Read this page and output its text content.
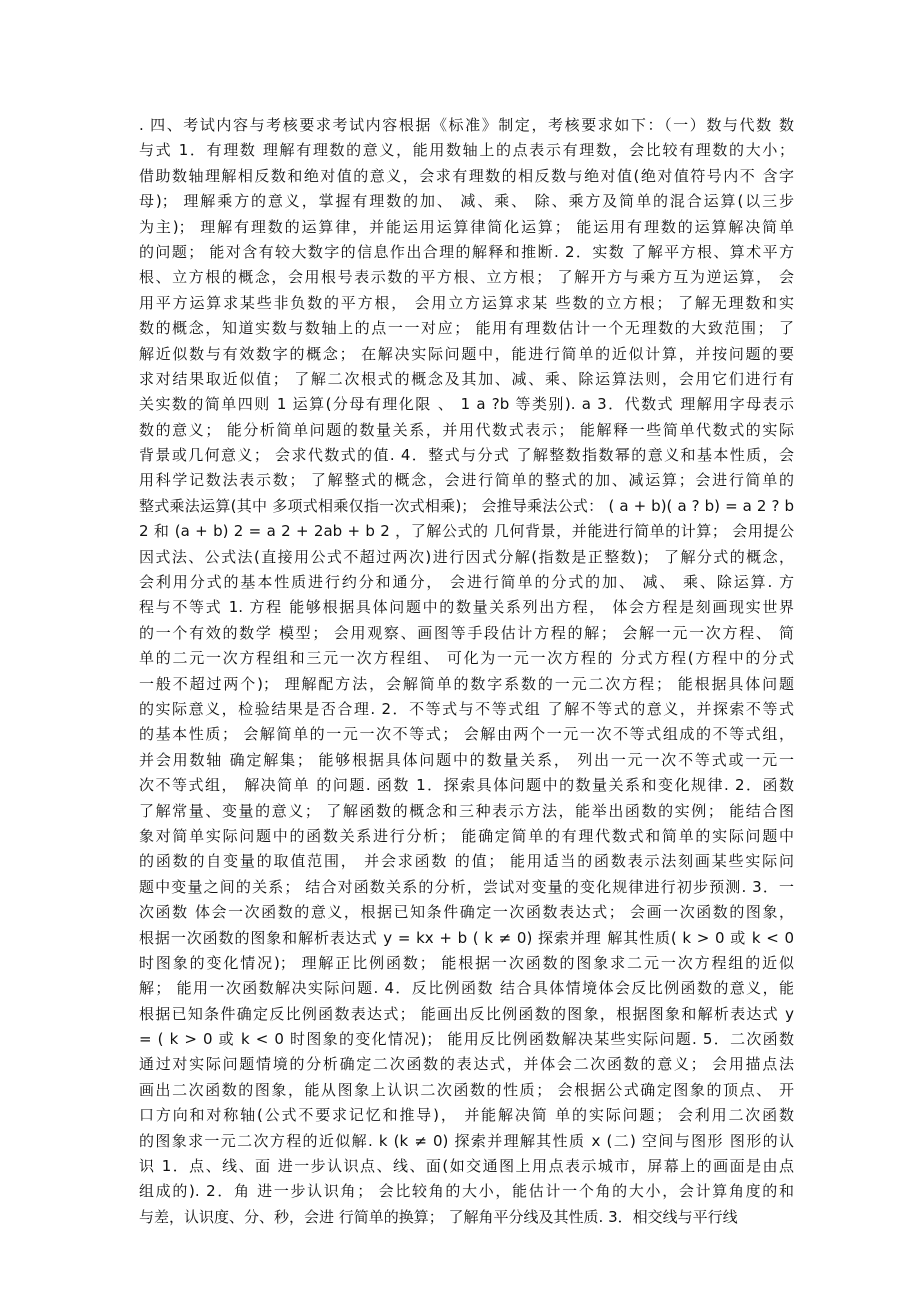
. 四、考试内容与考核要求考试内容根据《标准》制定，考核要求如下：（一）数与代数 数
与式 1．有理数 理解有理数的意义，能用数轴上的点表示有理数，会比较有理数的大小；
借助数轴理解相反数和绝对值的意义，会求有理数的相反数与绝对值(绝对值符号内不 含字
母)； 理解乘方的意义，掌握有理数的加、 减、乘、 除、乘方及简单的混合运算(以三步
为主)； 理解有理数的运算律，并能运用运算律简化运算； 能运用有理数的运算解决简单
的问题； 能对含有较大数字的信息作出合理的解释和推断. 2．实数 了解平方根、算术平方
根、立方根的概念，会用根号表示数的平方根、立方根； 了解开方与乘方互为逆运算， 会
用平方运算求某些非负数的平方根， 会用立方运算求某 些数的立方根； 了解无理数和实
数的概念，知道实数与数轴上的点一一对应； 能用有理数估计一个无理数的大致范围； 了
解近似数与有效数字的概念； 在解决实际问题中，能进行简单的近似计算，并按问题的要
求对结果取近似值； 了解二次根式的概念及其加、减、乘、除运算法则，会用它们进行有
关实数的简单四则 1 运算(分母有理化限 、 1 a ?b 等类别). a 3．代数式 理解用字母表示
数的意义； 能分析简单问题的数量关系，并用代数式表示； 能解释一些简单代数式的实际
背景或几何意义； 会求代数式的值. 4．整式与分式 了解整数指数幂的意义和基本性质，会
用科学记数法表示数； 了解整式的概念，会进行简单的整式的加、减运算；会进行简单的
整式乘法运算(其中 多项式相乘仅指一次式相乘)； 会推导乘法公式： ( a + b)( a ? b) = a 2 ? b
2 和 (a + b) 2 = a 2 + 2ab + b 2 ，了解公式的 几何背景，并能进行简单的计算； 会用提公
因式法、公式法(直接用公式不超过两次)进行因式分解(指数是正整数)； 了解分式的概念，
会利用分式的基本性质进行约分和通分， 会进行简单的分式的加、 减、 乘、除运算. 方
程与不等式 1. 方程 能够根据具体问题中的数量关系列出方程， 体会方程是刻画现实世界
的一个有效的数学 模型； 会用观察、画图等手段估计方程的解； 会解一元一次方程、 简
单的二元一次方程组和三元一次方程组、 可化为一元一次方程的 分式方程(方程中的分式
一般不超过两个)； 理解配方法，会解简单的数字系数的一元二次方程； 能根据具体问题
的实际意义，检验结果是否合理. 2．不等式与不等式组 了解不等式的意义，并探索不等式
的基本性质； 会解简单的一元一次不等式； 会解由两个一元一次不等式组成的不等式组，
并会用数轴 确定解集； 能够根据具体问题中的数量关系， 列出一元一次不等式或一元一
次不等式组， 解决简单 的问题. 函数 1．探索具体问题中的数量关系和变化规律. 2．函数
了解常量、变量的意义； 了解函数的概念和三种表示方法，能举出函数的实例； 能结合图
象对简单实际问题中的函数关系进行分析； 能确定简单的有理代数式和简单的实际问题中
的函数的自变量的取值范围， 并会求函数 的值； 能用适当的函数表示法刻画某些实际问
题中变量之间的关系； 结合对函数关系的分析，尝试对变量的变化规律进行初步预测. 3．一
次函数 体会一次函数的意义，根据已知条件确定一次函数表达式； 会画一次函数的图象，
根据一次函数的图象和解析表达式 y = kx + b ( k ≠ 0) 探索并理 解其性质( k > 0 或 k < 0
时图象的变化情况)； 理解正比例函数； 能根据一次函数的图象求二元一次方程组的近似
解； 能用一次函数解决实际问题. 4．反比例函数 结合具体情境体会反比例函数的意义，能
根据已知条件确定反比例函数表达式； 能画出反比例函数的图象，根据图象和解析表达式 y
= ( k > 0 或 k < 0 时图象的变化情况)； 能用反比例函数解决某些实际问题. 5．二次函数
通过对实际问题情境的分析确定二次函数的表达式，并体会二次函数的意义； 会用描点法
画出二次函数的图象，能从图象上认识二次函数的性质； 会根据公式确定图象的顶点、 开
口方向和对称轴(公式不要求记忆和推导)， 并能解决简 单的实际问题； 会利用二次函数
的图象求一元二次方程的近似解. k (k ≠ 0) 探索并理解其性质 x (二) 空间与图形 图形的认
识 1．点、线、面 进一步认识点、线、面(如交通图上用点表示城市，屏幕上的画面是由点
组成的). 2．角 进一步认识角； 会比较角的大小，能估计一个角的大小，会计算角度的和
与差，认识度、分、秒，会进 行简单的换算； 了解角平分线及其性质. 3．相交线与平行线
